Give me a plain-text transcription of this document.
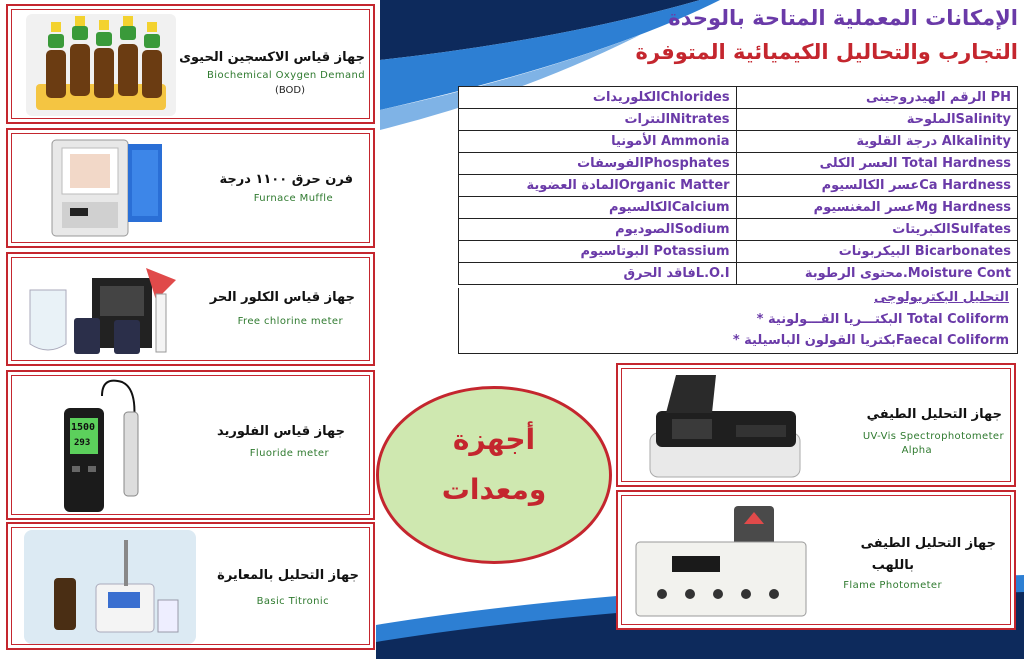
الإمكانات المعملية المتاحة بالوحدة
التجارب والتحاليل الكيميائية المتوفرة
الكلوريداتChlorides	الرقم الهيدروجينى PH
النتراتNitrates	الملوحةSalinity
الأمونيا Ammonia	درجة القلوية Alkalinity
الفوسفاتPhosphates	العسر الكلى Total Hardness
المادة العضويةOrganic Matter	عسر الكالسيومCa Hardness
الكالسيومCalcium	عسر المغنسيومMg Hardness
الصوديومSodium	الكبريتاتSulfates
البوتاسيوم Potassium	البيكربونات Bicarbonates
فاقد الحرقL.O.I	محتوى الرطوبة.Moisture Cont
التحليل البكتريولوجى
* البكتـــريا القـــولونية Total Coliform
* بكتريا القولون الباسيليةFaecal Coliform
أجهزة
ومعدات
جهاز قياس الاكسجين الحيوى
Biochemical Oxygen Demand
(BOD)
فرن حرق ١١٠٠ درجة
Furnace Muffle
جهاز قياس الكلور الحر
Free chlorine meter
1500
293
جهاز قياس الفلوريد
Fluoride meter
جهاز التحليل بالمعايرة
Basic Titronic
جهاز التحليل الطيفي
UV-Vis Spectrophotometer
Alpha
جهاز التحليل الطيفى
باللهب
Flame Photometer
